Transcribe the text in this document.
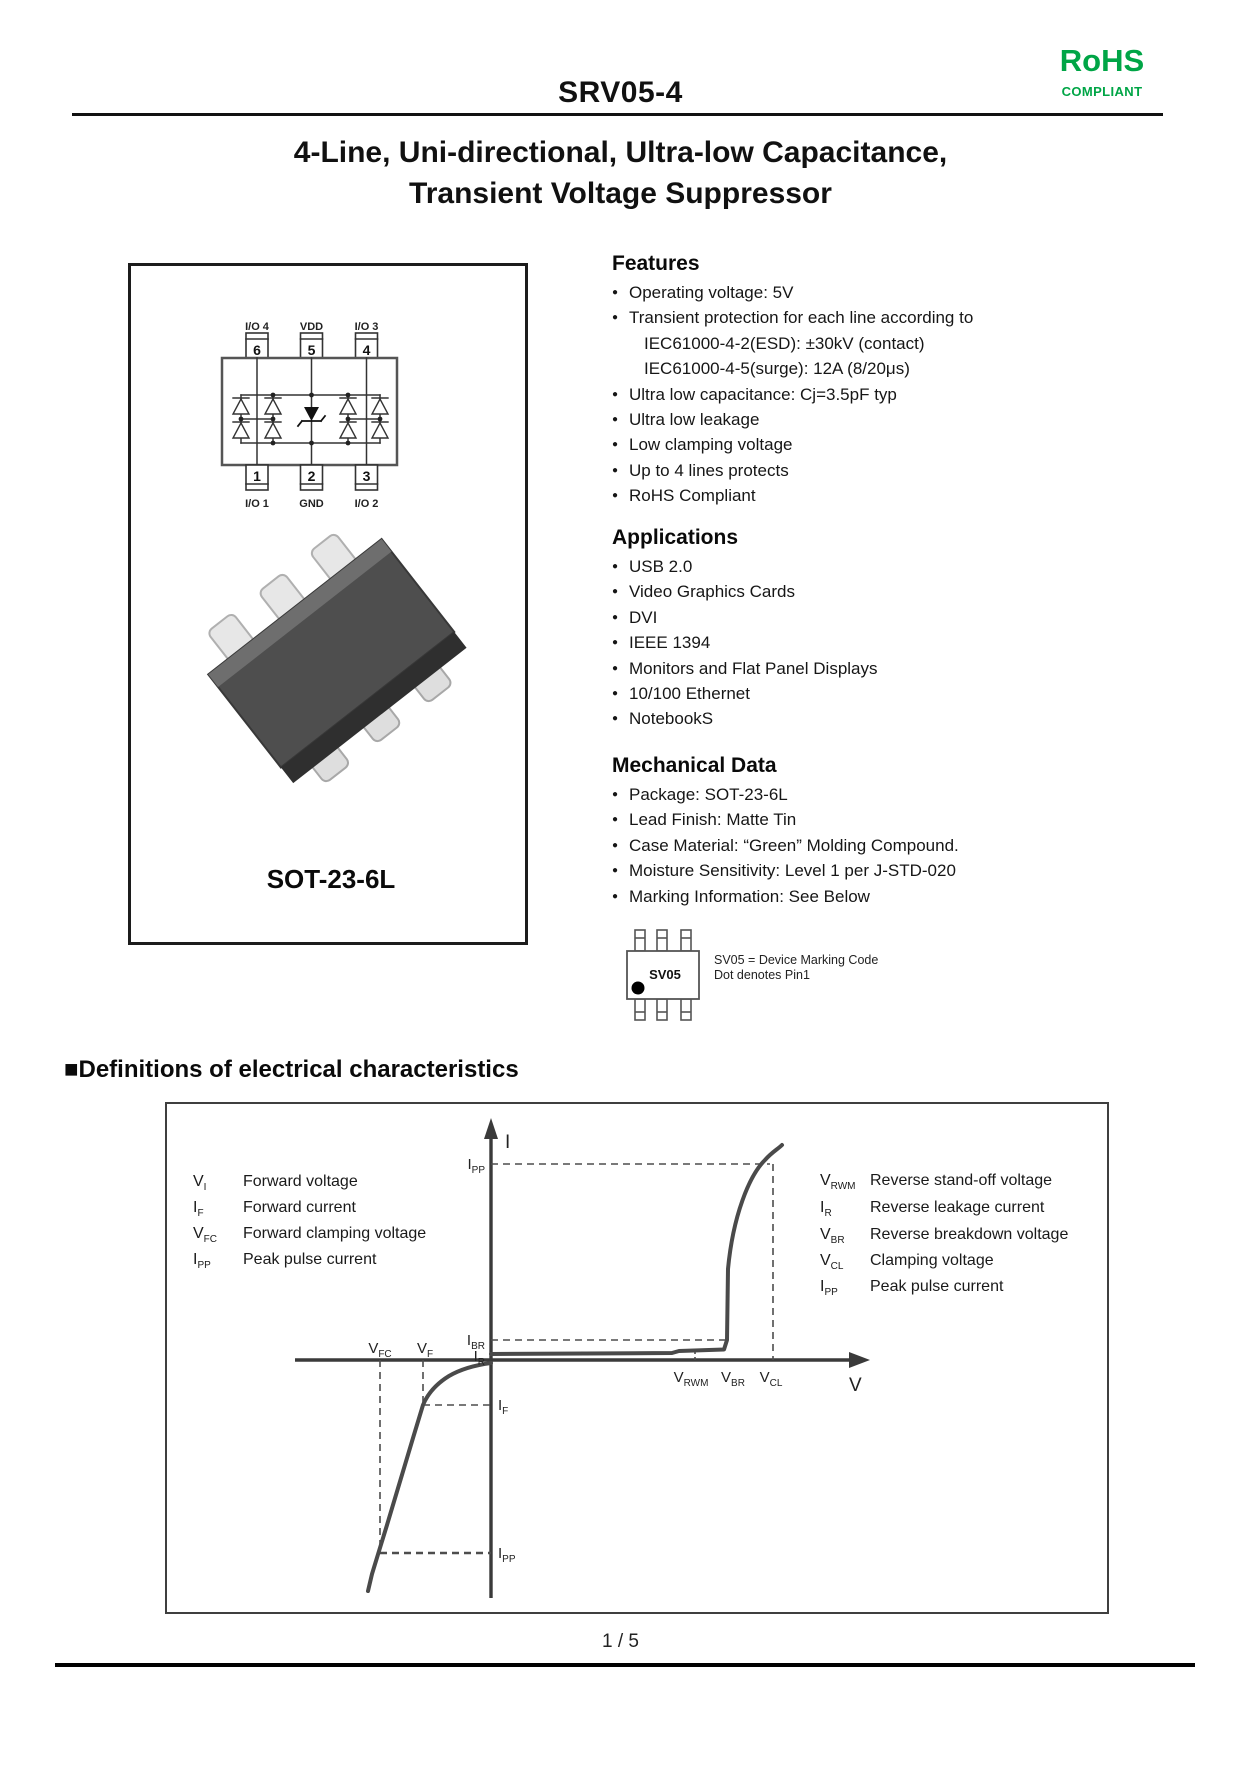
SRV05-4
RoHS
COMPLIANT
4-Line, Uni-directional, Ultra-low Capacitance,
Transient Voltage Suppressor
I/O 4	VDD	I/O 3
6	5	4
1	2	3
I/O 1	GND	I/O 2
SOT-23-6L
Features
● Operating voltage: 5V
● Transient protection for each line according to
IEC61000-4-2(ESD): ±30kV (contact)
IEC61000-4-5(surge): 12A (8/20μs)
● Ultra low capacitance: Cj=3.5pF typ
● Ultra low leakage
● Low clamping voltage
● Up to 4 lines protects
● RoHS Compliant
Applications
● USB 2.0
● Video Graphics Cards
● DVI
● IEEE 1394
● Monitors and Flat Panel Displays
● 10/100 Ethernet
● NotebookS
Mechanical Data
● Package: SOT-23-6L
● Lead Finish: Matte Tin
● Case Material: “Green” Molding Compound.
● Moisture Sensitivity: Level 1 per J-STD-020
● Marking Information: See Below
SV05
SV05 = Device Marking Code
Dot denotes Pin1
■Definitions of electrical characteristics
I
V
$I_{PP}$
$I_{BR}$
$I_R$
$I_F$
$I_{PP}$
$V_{FC}$ $V_F$
$V_{RWM}$ $V_{BR}$ $V_{CL}$
$V_I$ Forward voltage
$I_F$ Forward current
$V_{FC}$ Forward clamping voltage
$I_{PP}$ Peak pulse current
$V_{RWM}$ Reverse stand-off voltage
$I_R$ Reverse leakage current
$V_{BR}$ Reverse breakdown voltage
$V_{CL}$ Clamping voltage
$I_{PP}$ Peak pulse current
1 / 5
